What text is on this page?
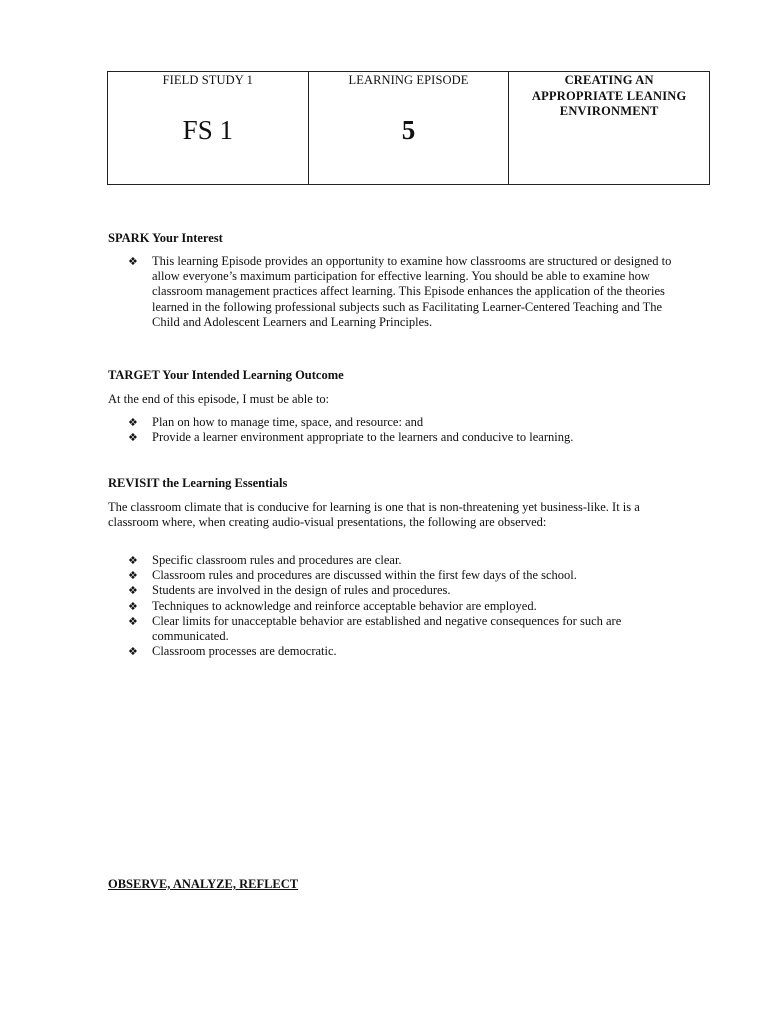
FIELD STUDY 1
FS 1

LEARNING EPISODE
5

CREATING AN
APPROPRIATE LEANING
ENVIRONMENT
SPARK Your Interest
❖ This learning Episode provides an opportunity to examine how classrooms are structured or designed to allow everyone’s maximum participation for effective learning. You should be able to examine how classroom management practices affect learning. This Episode enhances the application of the theories learned in the following professional subjects such as Facilitating Learner-Centered Teaching and The Child and Adolescent Learners and Learning Principles.
TARGET Your Intended Learning Outcome

At the end of this episode, I must be able to:

❖ Plan on how to manage time, space, and resource: and
❖ Provide a learner environment appropriate to the learners and conducive to learning.
REVISIT the Learning Essentials

The classroom climate that is conducive for learning is one that is non-threatening yet business-like. It is a classroom where, when creating audio-visual presentations, the following are observed:

❖ Specific classroom rules and procedures are clear.
❖ Classroom rules and procedures are discussed within the first few days of the school.
❖ Students are involved in the design of rules and procedures.
❖ Techniques to acknowledge and reinforce acceptable behavior are employed.
❖ Clear limits for unacceptable behavior are established and negative consequences for such are communicated.
❖ Classroom processes are democratic.
OBSERVE, ANALYZE, REFLECT
